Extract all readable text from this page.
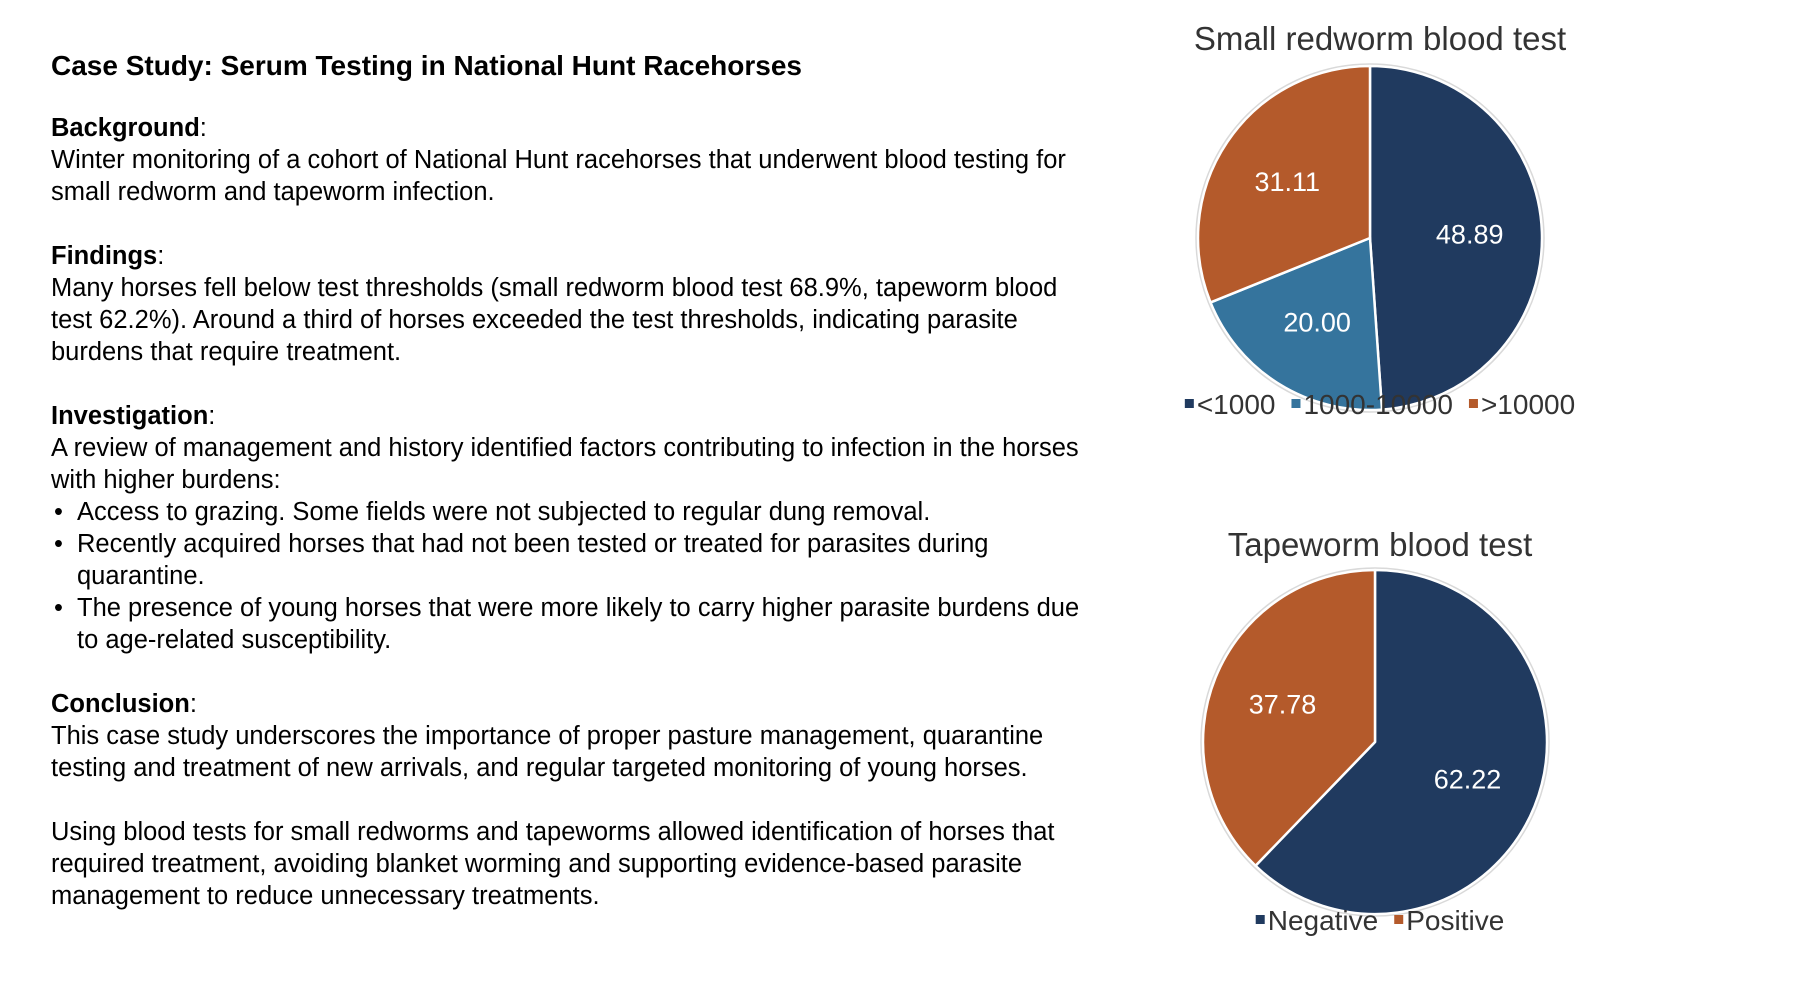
Case Study: Serum Testing in National Hunt Racehorses
Background:

Winter monitoring of a cohort of National Hunt racehorses that underwent blood testing for small redworm and tapeworm infection.

Findings:

Many horses fell below test thresholds (small redworm blood test 68.9%, tapeworm blood test 62.2%). Around a third of horses exceeded the test thresholds, indicating parasite burdens that require treatment.

Investigation:

A review of management and history identified factors contributing to infection in the horses with higher burdens:

• Access to grazing. Some fields were not subjected to regular dung removal.
• Recently acquired horses that had not been tested or treated for parasites during quarantine.
• The presence of young horses that were more likely to carry higher parasite burdens due to age-related susceptibility.
Conclusion:

This case study underscores the importance of proper pasture management, quarantine testing and treatment of new arrivals, and regular targeted monitoring of young horses.

Using blood tests for small redworms and tapeworms allowed identification of horses that required treatment, avoiding blanket worming and supporting evidence-based parasite management to reduce unnecessary treatments.

Small redworm blood test
48.89
20.00
31.11
<1000 1000-10000 >10000
Tapeworm blood test
62.22
37.78
Negative Positive
